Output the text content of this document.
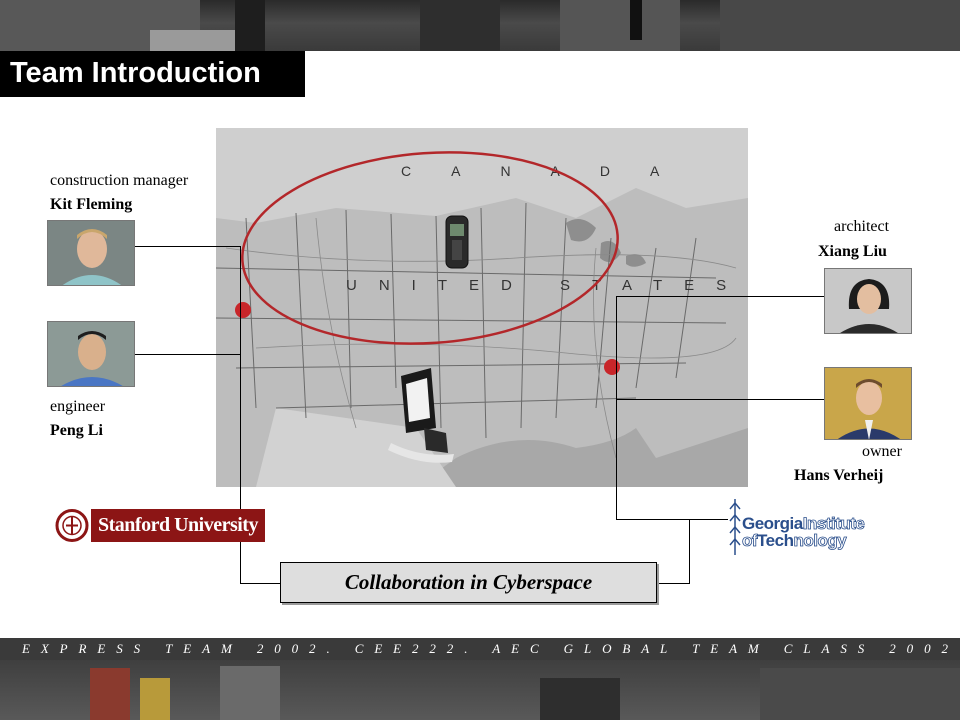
Team Introduction
CANADA
UNITED STATES
construction manager
Kit Fleming
engineer
Peng Li
architect
Xiang Liu
owner
Hans Verheij
Collaboration in Cyberspace
Stanford University	GeorgiaInstitute
ofTechnology
EXPRESS TEAM 2002. CEE222. AEC GLOBAL TEAM CLASS 2002
